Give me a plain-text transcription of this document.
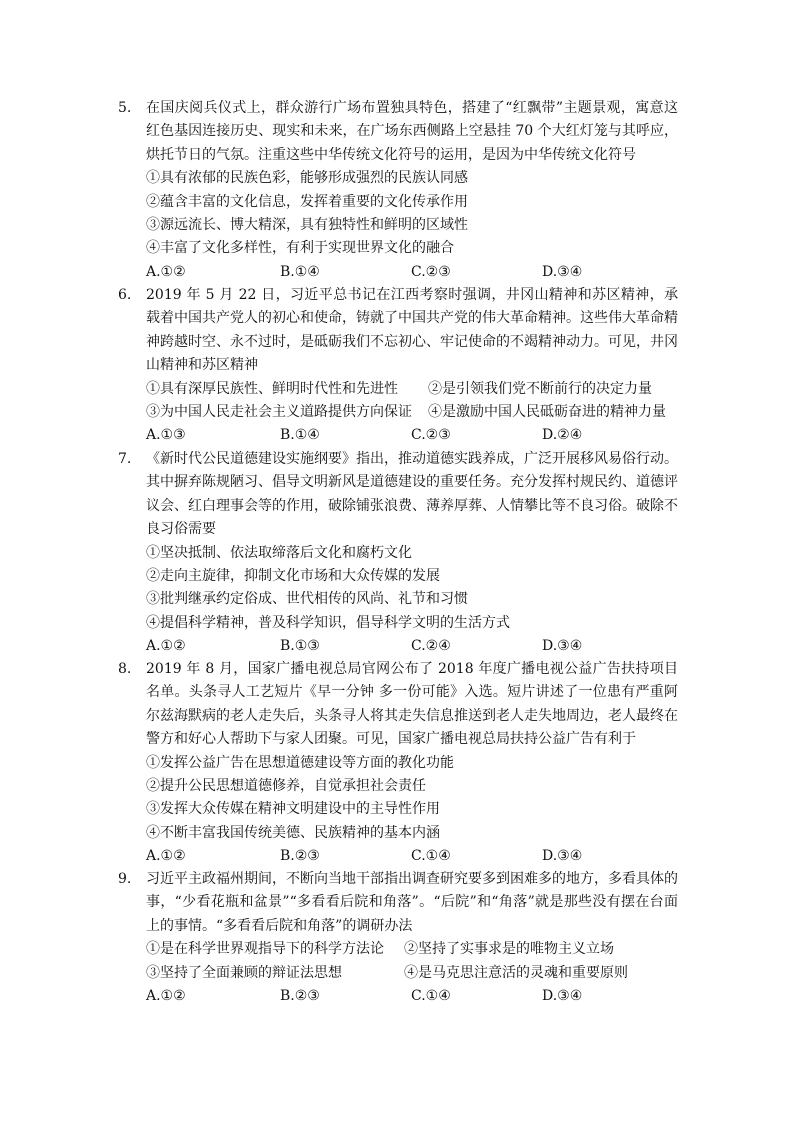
5. 在国庆阅兵仪式上，群众游行广场布置独具特色，搭建了“红飘带”主题景观，寓意这红色基因连接历史、现实和未来，在广场东西侧路上空悬挂 70 个大红灯笼与其呼应，烘托节日的气氛。注重这些中华传统文化符号的运用，是因为中华传统文化符号
①具有浓郁的民族色彩，能够形成强烈的民族认同感
②蕴含丰富的文化信息，发挥着重要的文化传承作用
③源远流长、博大精深，具有独特性和鲜明的区域性
④丰富了文化多样性，有利于实现世界文化的融合
A.①②	B.①④	C.②③	D.③④
6. 2019 年 5 月 22 日，习近平总书记在江西考察时强调，井冈山精神和苏区精神，承载着中国共产党人的初心和使命，铸就了中国共产党的伟大革命精神。这些伟大革命精神跨越时空、永不过时，是砥砺我们不忘初心、牢记使命的不竭精神动力。可见，井冈山精神和苏区精神
①具有深厚民族性、鲜明时代性和先进性 ②是引领我们党不断前行的决定力量
③为中国人民走社会主义道路提供方向保证 ④是激励中国人民砥砺奋进的精神力量
A.①③	B.①④	C.②③	D.②④
7. 《新时代公民道德建设实施纲要》指出，推动道德实践养成，广泛开展移风易俗行动。其中摒弃陈规陋习、倡导文明新风是道德建设的重要任务。充分发挥村规民约、道德评议会、红白理事会等的作用，破除铺张浪费、薄养厚葬、人情攀比等不良习俗。破除不良习俗需要
①坚决抵制、依法取缔落后文化和腐朽文化
②走向主旋律，抑制文化市场和大众传媒的发展
③批判继承约定俗成、世代相传的风尚、礼节和习惯
④提倡科学精神，普及科学知识，倡导科学文明的生活方式
A.①②	B.①③	C.②④	D.③④
8. 2019 年 8 月，国家广播电视总局官网公布了 2018 年度广播电视公益广告扶持项目名单。头条寻人工艺短片《早一分钟 多一份可能》入选。短片讲述了一位患有严重阿尔兹海默病的老人走失后，头条寻人将其走失信息推送到老人走失地周边，老人最终在警方和好心人帮助下与家人团聚。可见，国家广播电视总局扶持公益广告有利于
①发挥公益广告在思想道德建设等方面的教化功能
②提升公民思想道德修养，自觉承担社会责任
③发挥大众传媒在精神文明建设中的主导性作用
④不断丰富我国传统美德、民族精神的基本内涵
A.①②	B.②③	C.①④	D.③④
9. 习近平主政福州期间，不断向当地干部指出调查研究要多到困难多的地方，多看具体的事，“少看花瓶和盆景”“多看看后院和角落”。“后院”和“角落”就是那些没有摆在台面上的事情。“多看看后院和角落”的调研办法
①是在科学世界观指导下的科学方法论 ②坚持了实事求是的唯物主义立场
③坚持了全面兼顾的辩证法思想	④是马克思注意活的灵魂和重要原则
A.①②	B.②③	C.①④	D.③④
